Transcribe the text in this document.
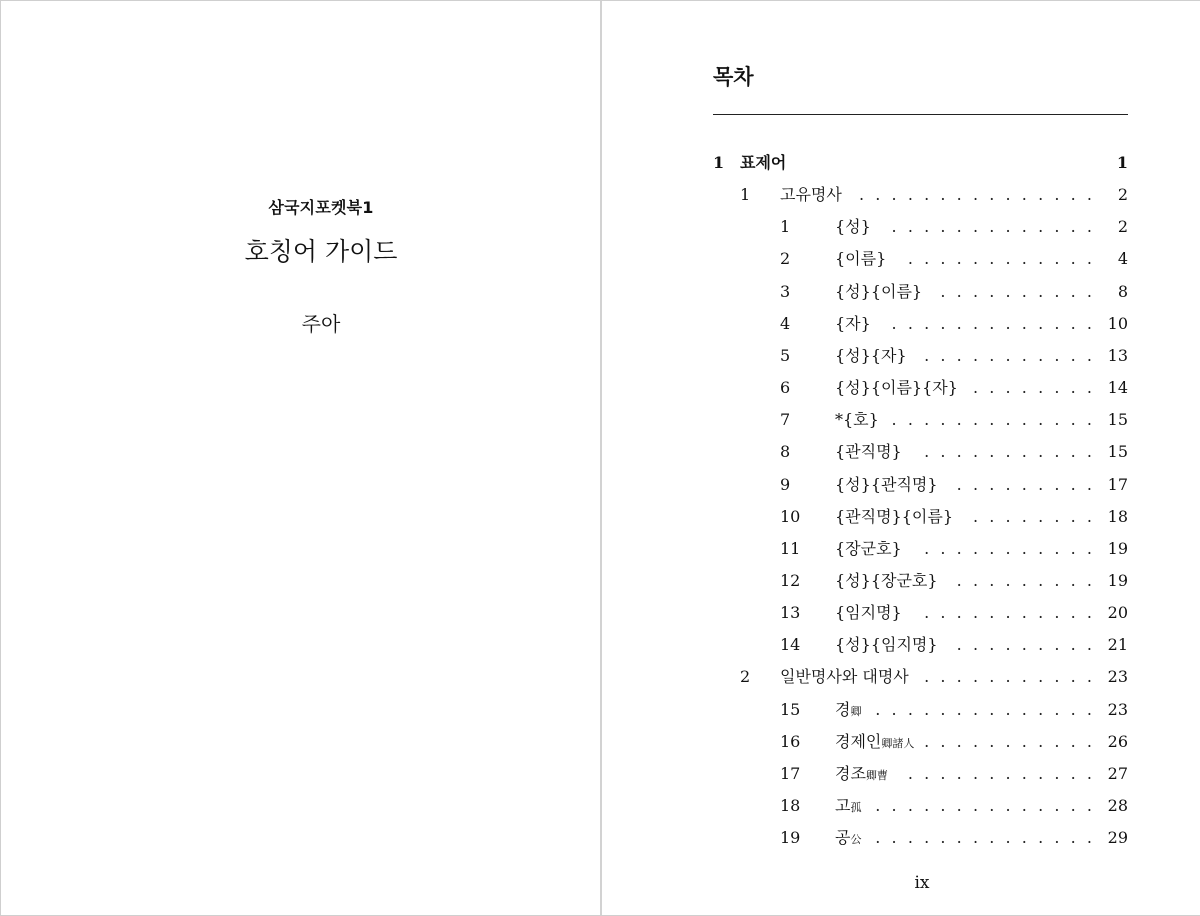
삼국지포켓북1
호칭어 가이드
주아
목차
1 표제어	1
1 고유명사	.  .  .  .  .  .  .  .  .  .  .  .  .  .  . 2
1	{성}	.  .  .  .  .  .  .  .  .  .  .  .  . 2
2	{이름}	.  .  .  .  .  .  .  .  .  .  .  . 4
3	{성}{이름}	.  .  .  .  .  .  .  .  .  . 8
4	{자}	.  .  .  .  .  .  .  .  .  .  .  .  . 10
5	{성}{자}	.  .  .  .  .  .  .  .  .  .  . 13
6	{성}{이름}{자} .  .  .  .  .  .  .  . 14
7	*{호} .  .  .  .  .  .  .  .  .  .  .  .  . 15
8	{관직명}	.  .  .  .  .  .  .  .  .  .  . 15
9	{성}{관직명}	.  .  .  .  .  .  .  .  . 17
10 {관직명}{이름}	.  .  .  .  .  .  .  . 18
11 {장군호}	.  .  .  .  .  .  .  .  .  .  . 19
12 {성}{장군호}	.  .  .  .  .  .  .  .  . 19
13 {임지명}	.  .  .  .  .  .  .  .  .  .  . 20
14 {성}{임지명}	.  .  .  .  .  .  .  .  . 21
2 일반명사와 대명사 .  .  .  .  .  .  .  .  .  .  . 23
15 경卿 .  .  .  .  .  .  .  .  .  .  .  .  .  . 23
16 경제인卿諸人 .  .  .  .  .  .  .  .  .  .  . 26
17 경조卿曹	.  .  .  .  .  .  .  .  .  .  .  . 27
18 고孤 .  .  .  .  .  .  .  .  .  .  .  .  .  . 28
19 공公 .  .  .  .  .  .  .  .  .  .  .  .  .  . 29
ix
